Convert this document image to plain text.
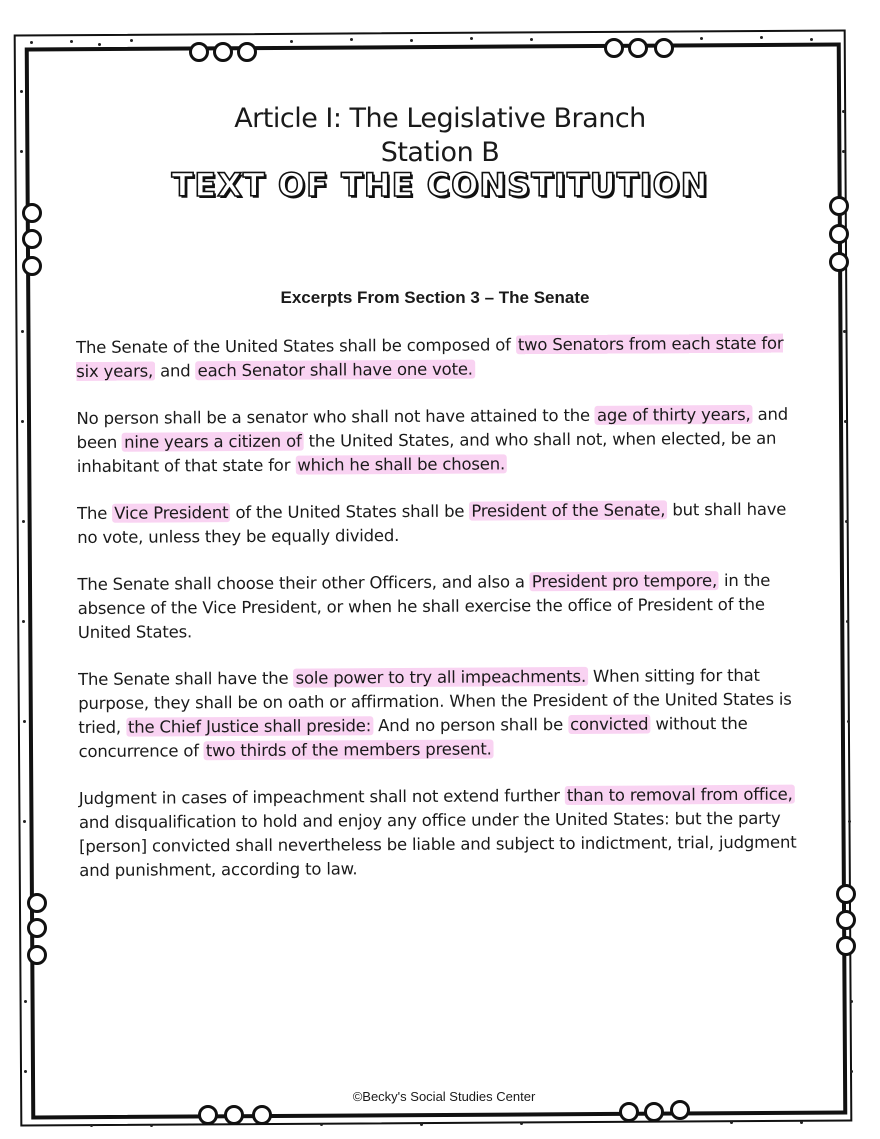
Article I: The Legislative Branch
Station B
TEXT OF THE CONSTITUTION
Excerpts From Section 3 – The Senate

The Senate of the United States shall be composed of two Senators from each state for six years, and each Senator shall have one vote.

No person shall be a senator who shall not have attained to the age of thirty years, and been nine years a citizen of the United States, and who shall not, when elected, be an inhabitant of that state for which he shall be chosen.

The Vice President of the United States shall be President of the Senate, but shall have no vote, unless they be equally divided.

The Senate shall choose their other Officers, and also a President pro tempore, in the absence of the Vice President, or when he shall exercise the office of President of the United States.

The Senate shall have the sole power to try all impeachments. When sitting for that purpose, they shall be on oath or affirmation. When the President of the United States is tried, the Chief Justice shall preside: And no person shall be convicted without the concurrence of two thirds of the members present.

Judgment in cases of impeachment shall not extend further than to removal from office, and disqualification to hold and enjoy any office under the United States: but the party [person] convicted shall nevertheless be liable and subject to indictment, trial, judgment and punishment, according to law.

©Becky's Social Studies Center
